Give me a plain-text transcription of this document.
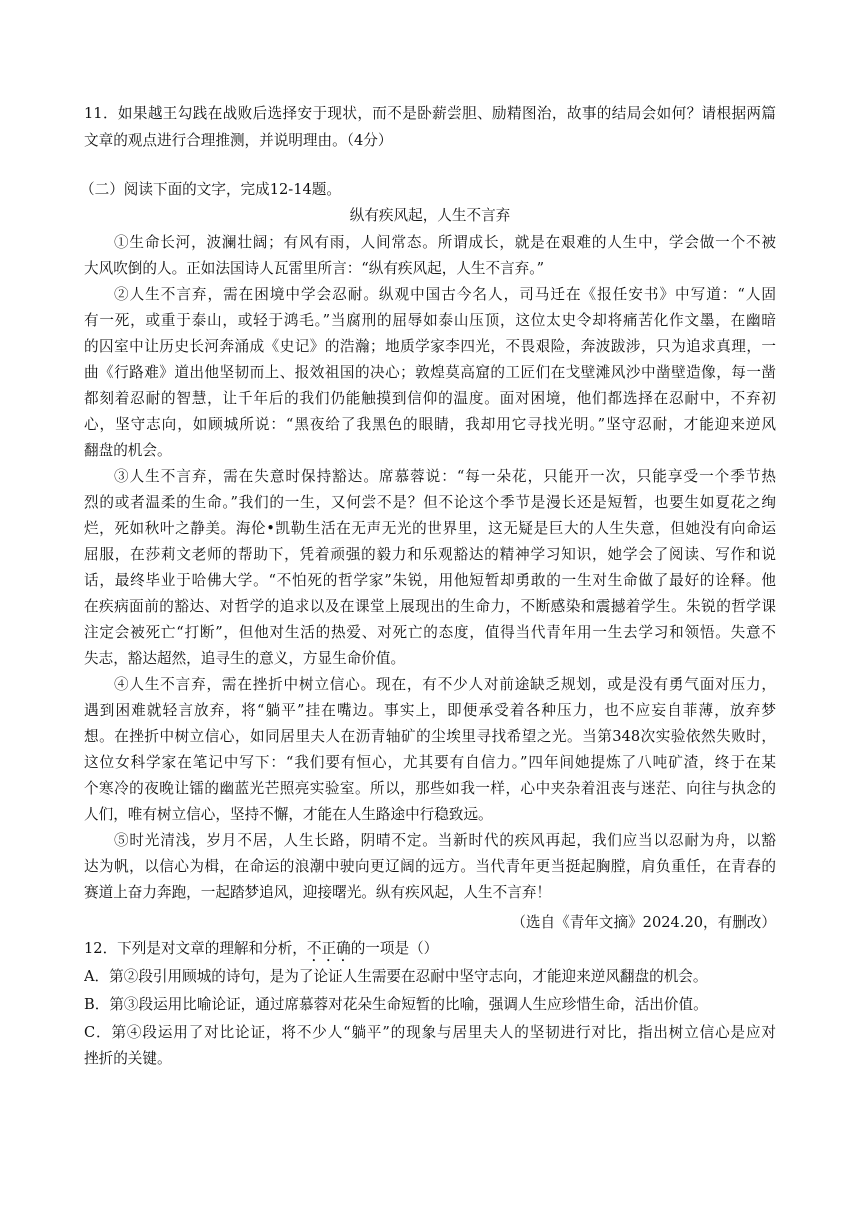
11．如果越王勾践在战败后选择安于现状，而不是卧薪尝胆、励精图治，故事的结局会如何？请根据两篇
文章的观点进行合理推测，并说明理由。（4分）
（二）阅读下面的文字，完成12-14题。
纵有疾风起，人生不言弃
①生命长河，波澜壮阔；有风有雨，人间常态。所谓成长，就是在艰难的人生中，学会做一个不被
大风吹倒的人。正如法国诗人瓦雷里所言：“纵有疾风起，人生不言弃。”
②人生不言弃，需在困境中学会忍耐。纵观中国古今名人，司马迁在《报任安书》中写道：“人固
有一死，或重于泰山，或轻于鸿毛。”当腐刑的屈辱如泰山压顶，这位太史令却将痛苦化作文墨，在幽暗
的囚室中让历史长河奔涌成《史记》的浩瀚；地质学家李四光，不畏艰险，奔波跋涉，只为追求真理，一
曲《行路难》道出他坚韧而上、报效祖国的决心；敦煌莫高窟的工匠们在戈壁滩风沙中凿壁造像，每一凿
都刻着忍耐的智慧，让千年后的我们仍能触摸到信仰的温度。面对困境，他们都选择在忍耐中，不弃初
心，坚守志向，如顾城所说：“黑夜给了我黑色的眼睛，我却用它寻找光明。”坚守忍耐，才能迎来逆风
翻盘的机会。
③人生不言弃，需在失意时保持豁达。席慕蓉说：“每一朵花，只能开一次，只能享受一个季节热
烈的或者温柔的生命。”我们的一生，又何尝不是？但不论这个季节是漫长还是短暂，也要生如夏花之绚
烂，死如秋叶之静美。海伦•凯勒生活在无声无光的世界里，这无疑是巨大的人生失意，但她没有向命运
屈服，在莎莉文老师的帮助下，凭着顽强的毅力和乐观豁达的精神学习知识，她学会了阅读、写作和说
话，最终毕业于哈佛大学。“不怕死的哲学家”朱锐，用他短暂却勇敢的一生对生命做了最好的诠释。他
在疾病面前的豁达、对哲学的追求以及在课堂上展现出的生命力，不断感染和震撼着学生。朱锐的哲学课
注定会被死亡“打断”，但他对生活的热爱、对死亡的态度，值得当代青年用一生去学习和领悟。失意不
失志，豁达超然，追寻生的意义，方显生命价值。
④人生不言弃，需在挫折中树立信心。现在，有不少人对前途缺乏规划，或是没有勇气面对压力，
遇到困难就轻言放弃，将“躺平”挂在嘴边。事实上，即便承受着各种压力，也不应妄自菲薄，放弃梦
想。在挫折中树立信心，如同居里夫人在沥青轴矿的尘埃里寻找希望之光。当第348次实验依然失败时，
这位女科学家在笔记中写下：“我们要有恒心，尤其要有自信力。”四年间她提炼了八吨矿渣，终于在某
个寒冷的夜晚让镭的幽蓝光芒照亮实验室。所以，那些如我一样，心中夹杂着沮丧与迷茫、向往与执念的
人们，唯有树立信心，坚持不懈，才能在人生路途中行稳致远。
⑤时光清浅，岁月不居，人生长路，阴晴不定。当新时代的疾风再起，我们应当以忍耐为舟，以豁
达为帆，以信心为楫，在命运的浪潮中驶向更辽阔的远方。当代青年更当挺起胸膛，肩负重任，在青春的
赛道上奋力奔跑，一起踏梦追风，迎接曙光。纵有疾风起，人生不言弃！
（选自《青年文摘》2024.20，有删改）
12．下列是对文章的理解和分析，不正确的一项是（）
A．第②段引用顾城的诗句，是为了论证人生需要在忍耐中坚守志向，才能迎来逆风翻盘的机会。
B．第③段运用比喻论证，通过席慕蓉对花朵生命短暂的比喻，强调人生应珍惜生命，活出价值。
C．第④段运用了对比论证，将不少人“躺平”的现象与居里夫人的坚韧进行对比，指出树立信心是应对
挫折的关键。
